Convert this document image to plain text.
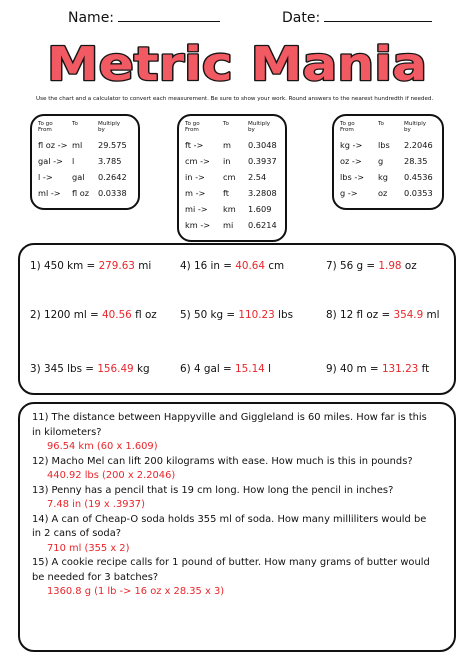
Name:	Date:
Metric Mania
Use the chart and a calculator to convert each measurement. Be sure to show your work. Round answers to the nearest hundredth if needed.
To go
From	To	Multiply
by
fl oz ->	ml	29.575
gal ->	l	3.785
l ->	gal	0.2642
ml ->	fl oz	0.0338
To go
From	To	Multiply
by
ft ->	m	0.3048
cm ->	in	0.3937
in ->	cm	2.54
m ->	ft	3.2808
mi ->	km	1.609
km ->	mi	0.6214
To go
From	To	Multiply
by
kg ->	lbs	2.2046
oz ->	g	28.35
lbs ->	kg	0.4536
g ->	oz	0.0353
1) 450 km = 279.63 mi	4) 16 in = 40.64 cm	7) 56 g = 1.98 oz
2) 1200 ml = 40.56 fl oz 5) 50 kg = 110.23 lbs	8) 12 fl oz = 354.9 ml
3) 345 lbs = 156.49 kg	6) 4 gal = 15.14 l	9) 40 m = 131.23 ft
11) The distance between Happyville and Giggleland is 60 miles. How far is this in kilometers?
96.54 km (60 x 1.609)
12) Macho Mel can lift 200 kilograms with ease. How much is this in pounds?
440.92 lbs (200 x 2.2046)
13) Penny has a pencil that is 19 cm long. How long the pencil in inches?
7.48 in (19 x .3937)
14) A can of Cheap-O soda holds 355 ml of soda. How many milliliters would be in 2 cans of soda?
710 ml (355 x 2)
15) A cookie recipe calls for 1 pound of butter. How many grams of butter would be needed for 3 batches?
1360.8 g (1 lb -> 16 oz x 28.35 x 3)
